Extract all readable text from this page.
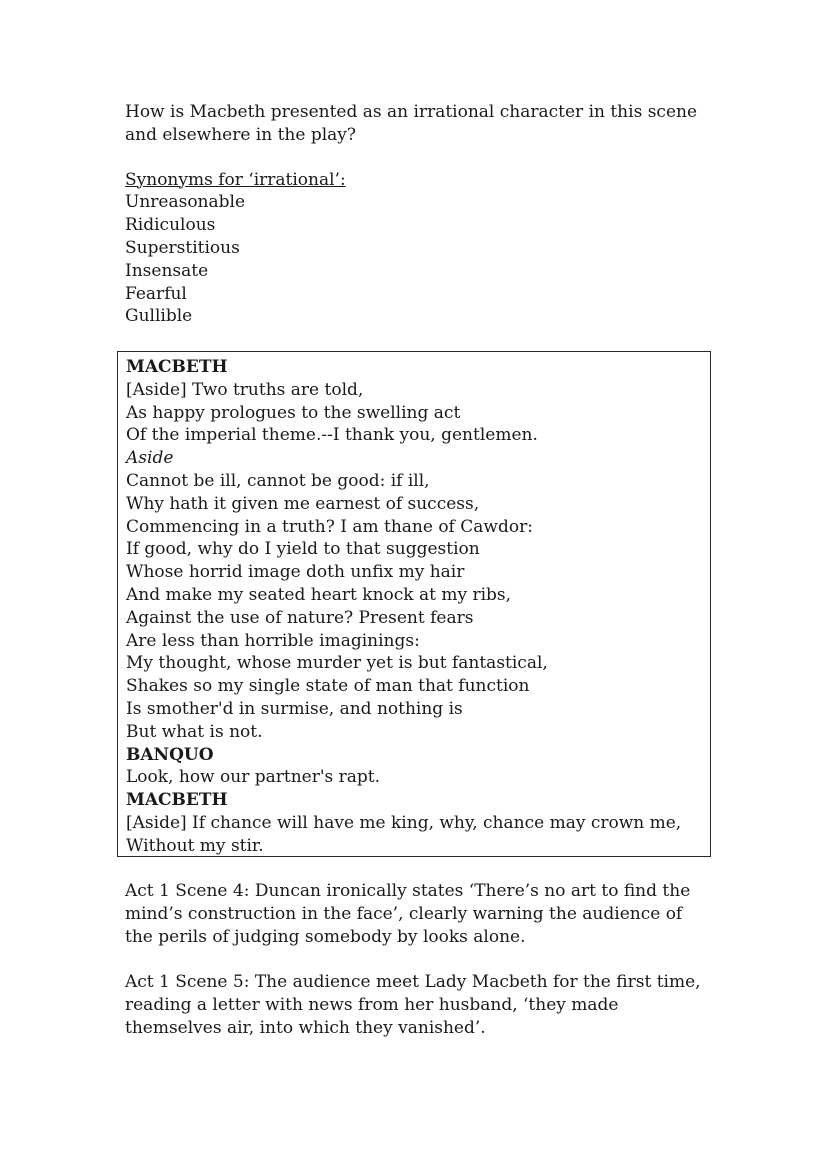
How is Macbeth presented as an irrational character in this scene and elsewhere in the play?

Synonyms for ‘irrational’:

Unreasonable

Ridiculous

Superstitious

Insensate

Fearful

Gullible

MACBETH

[Aside] Two truths are told,

As happy prologues to the swelling act

Of the imperial theme.--I thank you, gentlemen.

Aside

Cannot be ill, cannot be good: if ill,

Why hath it given me earnest of success,

Commencing in a truth? I am thane of Cawdor:

If good, why do I yield to that suggestion

Whose horrid image doth unfix my hair

And make my seated heart knock at my ribs,

Against the use of nature? Present fears

Are less than horrible imaginings:

My thought, whose murder yet is but fantastical,

Shakes so my single state of man that function

Is smother'd in surmise, and nothing is

But what is not.

BANQUO

Look, how our partner's rapt.

MACBETH

[Aside] If chance will have me king, why, chance may crown me,

Without my stir.

Act 1 Scene 4: Duncan ironically states ‘There’s no art to find the mind’s construction in the face’, clearly warning the audience of the perils of judging somebody by looks alone.

Act 1 Scene 5: The audience meet Lady Macbeth for the first time, reading a letter with news from her husband, ‘they made themselves air, into which they vanished’.
